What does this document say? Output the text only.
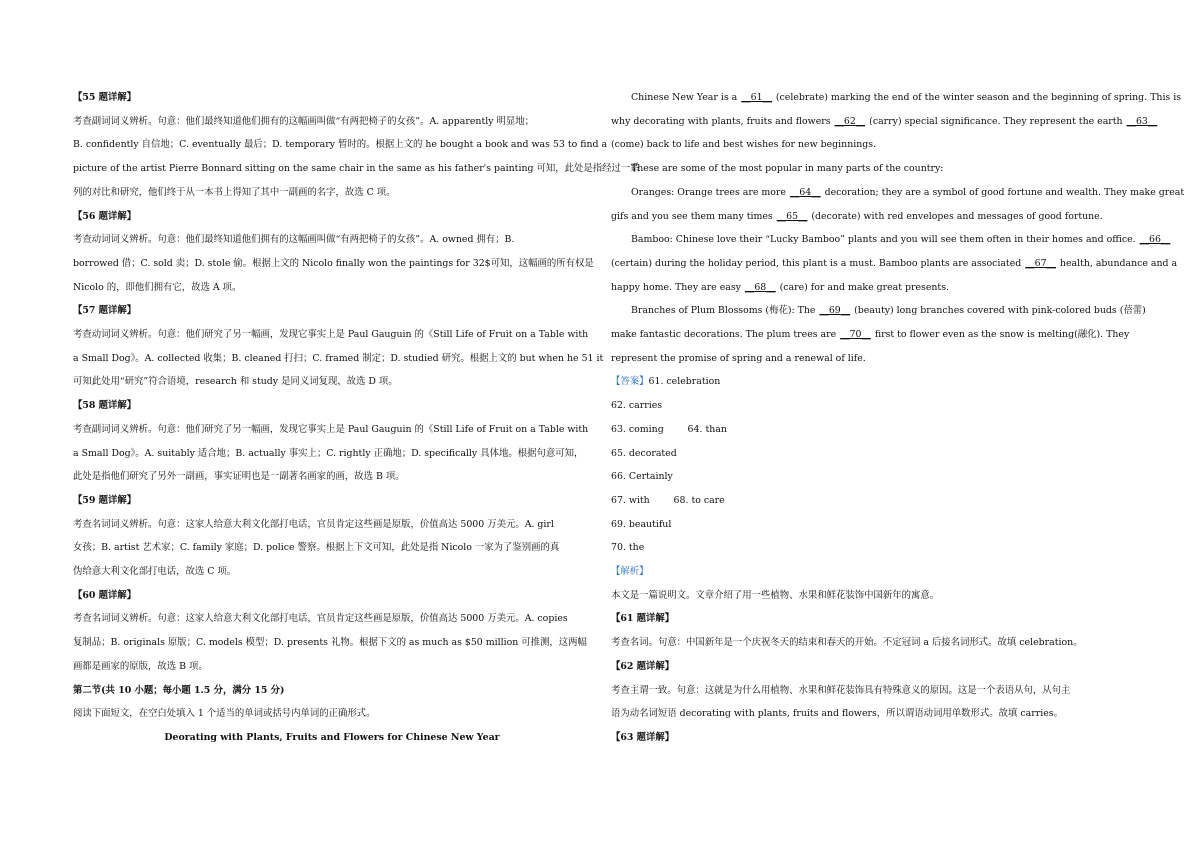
【55 题详解】

考查副词词义辨析。句意：他们最终知道他们拥有的这幅画叫做“有两把椅子的女孩”。A. apparently 明显地；

B. confidently 自信地；C. eventually 最后；D. temporary 暂时的。根据上文的 he bought a book and was 53 to find a

picture of the artist Pierre Bonnard sitting on the same chair in the same as his father's painting 可知，此处是指经过一系

列的对比和研究，他们终于从一本书上得知了其中一副画的名字，故选 C 项。

【56 题详解】

考查动词词义辨析。句意：他们最终知道他们拥有的这幅画叫做“有两把椅子的女孩”。A. owned 拥有；B.

borrowed 借；C. sold 卖；D. stole 偷。根据上文的 Nicolo finally won the paintings for 32$可知，这幅画的所有权是

Nicolo 的，即他们拥有它，故选 A 项。

【57 题详解】

考查动词词义辨析。句意：他们研究了另一幅画，发现它事实上是 Paul Gauguin 的《Still Life of Fruit on a Table with

a Small Dog》。A. collected 收集；B. cleaned 打扫；C. framed 制定；D. studied 研究。根据上文的 but when he 51 it

可知此处用“研究”符合语境，research 和 study 是同义词复现，故选 D 项。

【58 题详解】

考查副词词义辨析。句意：他们研究了另一幅画，发现它事实上是 Paul Gauguin 的《Still Life of Fruit on a Table with

a Small Dog》。A. suitably 适合地；B. actually 事实上；C. rightly 正确地；D. specifically 具体地。根据句意可知，

此处是指他们研究了另外一副画，事实证明也是一副著名画家的画，故选 B 项。

【59 题详解】

考查名词词义辨析。句意：这家人给意大利文化部打电话，官员肯定这些画是原版，价值高达 5000 万美元。A. girl

女孩；B. artist 艺术家；C. family 家庭；D. police 警察。根据上下文可知，此处是指 Nicolo 一家为了鉴别画的真

伪给意大利文化部打电话，故选 C 项。

【60 题详解】

考查名词词义辨析。句意：这家人给意大利文化部打电话，官员肯定这些画是原版，价值高达 5000 万美元。A. copies

复制品；B. originals 原版；C. models 模型；D. presents 礼物。根据下文的 as much as $50 million 可推测，这两幅

画都是画家的原版，故选 B 项。

第二节(共 10 小题；每小题 1.5 分，满分 15 分)

阅读下面短文，在空白处填入 1 个适当的单词或括号内单词的正确形式。

Deorating with Plants, Fruits and Flowers for Chinese New Year

Chinese New Year is a __61__ (celebrate) marking the end of the winter season and the beginning of spring. This is

why decorating with plants, fruits and flowers __62__ (carry) special significance. They represent the earth __63__

(come) back to life and best wishes for new beginnings.

These are some of the most popular in many parts of the country:

Oranges: Orange trees are more __64__ decoration; they are a symbol of good fortune and wealth. They make great

gifs and you see them many times __65__ (decorate) with red envelopes and messages of good fortune.

Bamboo: Chinese love their “Lucky Bamboo” plants and you will see them often in their homes and office. __66__

(certain) during the holiday period, this plant is a must. Bamboo plants are associated __67__ health, abundance and a

happy home. They are easy __68__ (care) for and make great presents.

Branches of Plum Blossoms (梅花): The __69__ (beauty) long branches covered with pink-colored buds (蓓蕾)

make fantastic decorations. The plum trees are __70__ first to flower even as the snow is melting(融化). They

represent the promise of spring and a renewal of life.

【答案】61. celebration

62. carries

63. coming        64. than

65. decorated

66. Certainly

67. with        68. to care

69. beautiful

70. the

【解析】

本文是一篇说明文。文章介绍了用一些植物、水果和鲜花装饰中国新年的寓意。

【61 题详解】

考查名词。句意：中国新年是一个庆祝冬天的结束和春天的开始。不定冠词 a 后接名词形式。故填 celebration。

【62 题详解】

考查主谓一致。句意：这就是为什么用植物、水果和鲜花装饰具有特殊意义的原因。这是一个表语从句，从句主

语为动名词短语 decorating with plants, fruits and flowers，所以谓语动词用单数形式。故填 carries。

【63 题详解】
